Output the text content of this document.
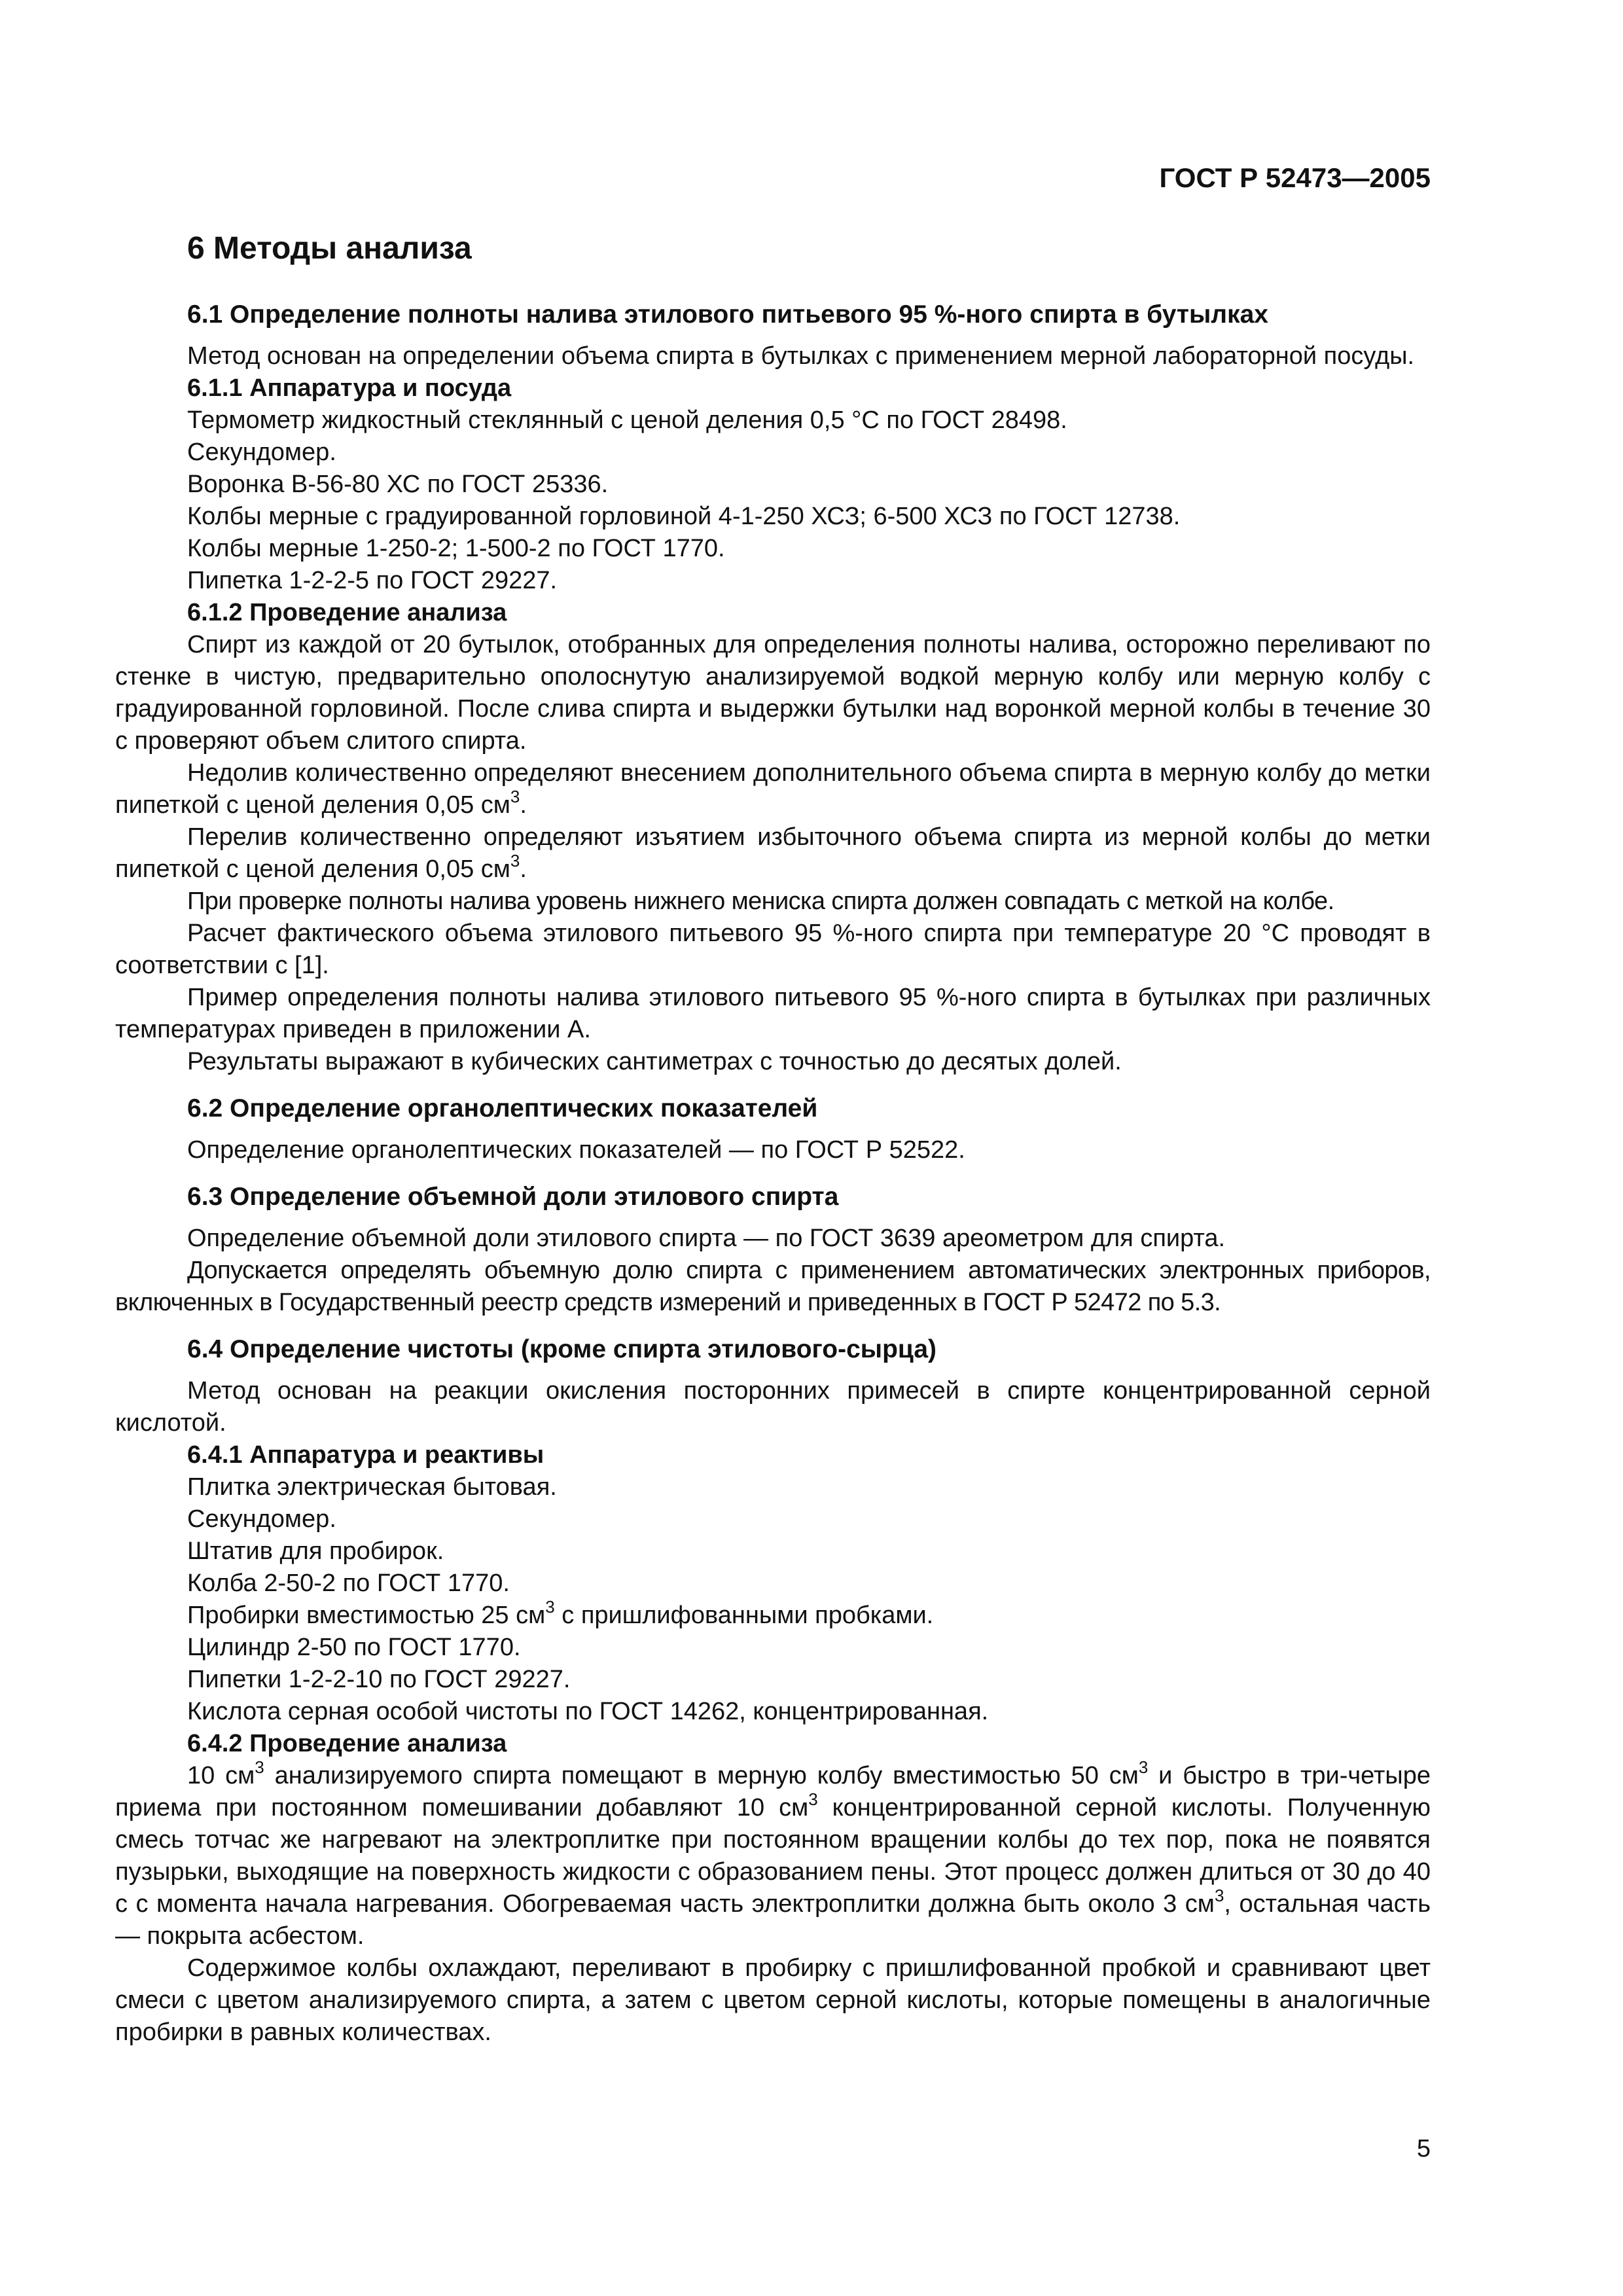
ГОСТ Р 52473—2005
6 Методы анализа
6.1 Определение полноты налива этилового питьевого 95 %-ного спирта в бутылках

Метод основан на определении объема спирта в бутылках с применением мерной лабораторной посуды.

6.1.1 Аппаратура и посуда

Термометр жидкостный стеклянный с ценой деления 0,5 °С по ГОСТ 28498.

Секундомер.

Воронка В-56-80 ХС по ГОСТ 25336.

Колбы мерные с градуированной горловиной 4-1-250 ХСЗ; 6-500 ХСЗ по ГОСТ 12738.

Колбы мерные 1-250-2; 1-500-2 по ГОСТ 1770.

Пипетка 1-2-2-5 по ГОСТ 29227.

6.1.2 Проведение анализа

Спирт из каждой от 20 бутылок, отобранных для определения полноты налива, осторожно переливают по стенке в чистую, предварительно ополоснутую анализируемой водкой мерную колбу или мерную колбу с градуированной горловиной. После слива спирта и выдержки бутылки над воронкой мерной колбы в течение 30 с проверяют объем слитого спирта.

Недолив количественно определяют внесением дополнительного объема спирта в мерную колбу до метки пипеткой с ценой деления 0,05 $см^3$.

Перелив количественно определяют изъятием избыточного объема спирта из мерной колбы до метки пипеткой с ценой деления 0,05 $см^3$.

При проверке полноты налива уровень нижнего мениска спирта должен совпадать с меткой на колбе.

Расчет фактического объема этилового питьевого 95 %-ного спирта при температуре 20 °С проводят в соответствии с [1].

Пример определения полноты налива этилового питьевого 95 %-ного спирта в бутылках при различных температурах приведен в приложении А.

Результаты выражают в кубических сантиметрах с точностью до десятых долей.

6.2 Определение органолептических показателей

Определение органолептических показателей — по ГОСТ Р 52522.

6.3 Определение объемной доли этилового спирта

Определение объемной доли этилового спирта — по ГОСТ 3639 ареометром для спирта.

Допускается определять объемную долю спирта с применением автоматических электронных приборов, включенных в Государственный реестр средств измерений и приведенных в ГОСТ Р 52472 по 5.3.

6.4 Определение чистоты (кроме спирта этилового-сырца)

Метод основан на реакции окисления посторонних примесей в спирте концентрированной серной кислотой.

6.4.1 Аппаратура и реактивы

Плитка электрическая бытовая.

Секундомер.

Штатив для пробирок.

Колба 2-50-2 по ГОСТ 1770.

Пробирки вместимостью 25 $см^3$ с пришлифованными пробками.

Цилиндр 2-50 по ГОСТ 1770.

Пипетки 1-2-2-10 по ГОСТ 29227.

Кислота серная особой чистоты по ГОСТ 14262, концентрированная.

6.4.2 Проведение анализа

10 $см^3$ анализируемого спирта помещают в мерную колбу вместимостью 50 $см^3$ и быстро в три-четыре приема при постоянном помешивании добавляют 10 $см^3$ концентрированной серной кислоты. Полученную смесь тотчас же нагревают на электроплитке при постоянном вращении колбы до тех пор, пока не появятся пузырьки, выходящие на поверхность жидкости с образованием пены. Этот процесс должен длиться от 30 до 40 с с момента начала нагревания. Обогреваемая часть электроплитки должна быть около 3 $см^3$, остальная часть — покрыта асбестом.

Содержимое колбы охлаждают, переливают в пробирку с пришлифованной пробкой и сравнивают цвет смеси с цветом анализируемого спирта, а затем с цветом серной кислоты, которые помещены в аналогичные пробирки в равных количествах.

5
